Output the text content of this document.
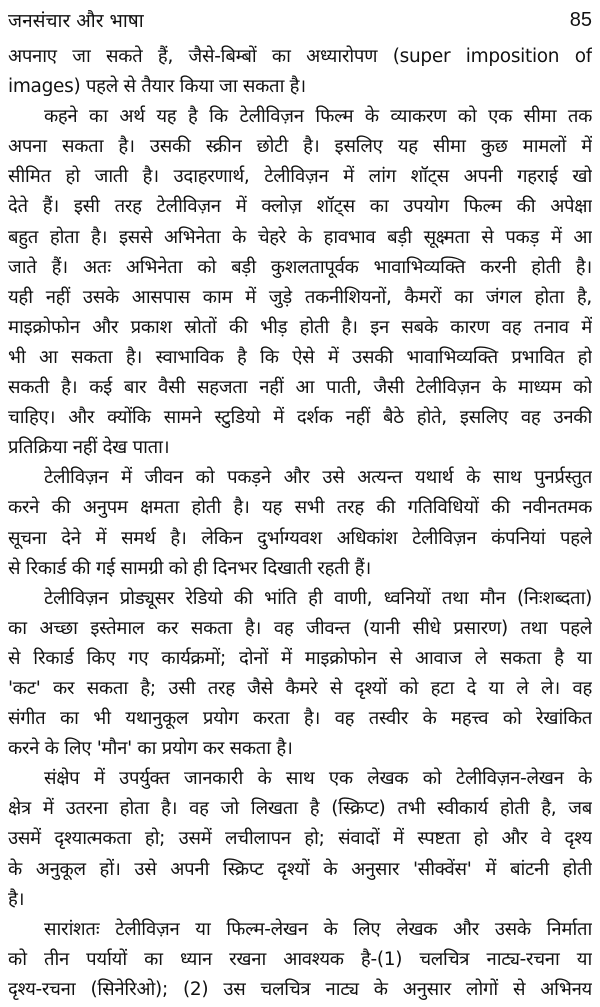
जनसंचार और भाषा	85
अपनाए जा सकते हैं, जैसे-बिम्बों का अध्यारोपण (super imposition of
images) पहले से तैयार किया जा सकता है।
कहने का अर्थ यह है कि टेलीविज़न फिल्म के व्याकरण को एक सीमा तक
अपना सकता है। उसकी स्क्रीन छोटी है। इसलिए यह सीमा कुछ मामलों में
सीमित हो जाती है। उदाहरणार्थ, टेलीविज़न में लांग शॉट्स अपनी गहराई खो
देते हैं। इसी तरह टेलीविज़न में क्लोज़ शॉट्स का उपयोग फिल्म की अपेक्षा
बहुत होता है। इससे अभिनेता के चेहरे के हावभाव बड़ी सूक्ष्मता से पकड़ में आ
जाते हैं। अतः अभिनेता को बड़ी कुशलतापूर्वक भावाभिव्यक्ति करनी होती है।
यही नहीं उसके आसपास काम में जुड़े तकनीशियनों, कैमरों का जंगल होता है,
माइक्रोफोन और प्रकाश स्रोतों की भीड़ होती है। इन सबके कारण वह तनाव में
भी आ सकता है। स्वाभाविक है कि ऐसे में उसकी भावाभिव्यक्ति प्रभावित हो
सकती है। कई बार वैसी सहजता नहीं आ पाती, जैसी टेलीविज़न के माध्यम को
चाहिए। और क्योंकि सामने स्टुडियो में दर्शक नहीं बैठे होते, इसलिए वह उनकी
प्रतिक्रिया नहीं देख पाता।
टेलीविज़न में जीवन को पकड़ने और उसे अत्यन्त यथार्थ के साथ पुनर्प्रस्तुत
करने की अनुपम क्षमता होती है। यह सभी तरह की गतिविधियों की नवीनतमक
सूचना देने में समर्थ है। लेकिन दुर्भाग्यवश अधिकांश टेलीविज़न कंपनियां पहले
से रिकार्ड की गई सामग्री को ही दिनभर दिखाती रहती हैं।
टेलीविज़न प्रोड्यूसर रेडियो की भांति ही वाणी, ध्वनियों तथा मौन (निःशब्दता)
का अच्छा इस्तेमाल कर सकता है। वह जीवन्त (यानी सीधे प्रसारण) तथा पहले
से रिकार्ड किए गए कार्यक्रमों; दोनों में माइक्रोफोन से आवाज ले सकता है या
'कट' कर सकता है; उसी तरह जैसे कैमरे से दृश्यों को हटा दे या ले ले। वह
संगीत का भी यथानुकूल प्रयोग करता है। वह तस्वीर के महत्त्व को रेखांकित
करने के लिए 'मौन' का प्रयोग कर सकता है।
संक्षेप में उपर्युक्त जानकारी के साथ एक लेखक को टेलीविज़न-लेखन के
क्षेत्र में उतरना होता है। वह जो लिखता है (स्क्रिप्ट) तभी स्वीकार्य होती है, जब
उसमें दृश्यात्मकता हो; उसमें लचीलापन हो; संवादों में स्पष्टता हो और वे दृश्य
के अनुकूल हों। उसे अपनी स्क्रिप्ट दृश्यों के अनुसार 'सीक्वेंस' में बांटनी होती
है।
सारांशतः टेलीविज़न या फिल्म-लेखन के लिए लेखक और उसके निर्माता
को तीन पर्यायों का ध्यान रखना आवश्यक है-(1) चलचित्र नाट्य-रचना या
दृश्य-रचना (सिनेरिओ); (2) उस चलचित्र नाट्य के अनुसार लोगों से अभिनय
